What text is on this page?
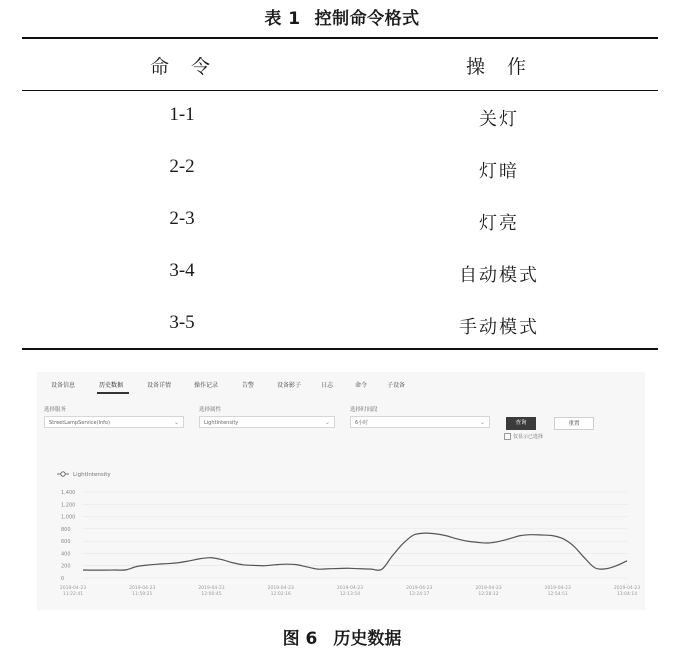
表 1 控制命令格式
命令	操作
1-1	关灯
2-2	灯暗
2-3	灯亮
3-4	自动模式
3-5	手动模式
设备信息	历史数据	设备详情	操作记录	告警	设备影子	日志	命令	子设备
选择服务
StreetLampService(Info)	⌄
选择属性
LightIntensity	⌄
选择时间段
6小时	⌄	查询	重置
仅显示已选择
0
200
400
600
800
1,000
1,200
1,400
2019-04-23
11:22:41
2019-04-23
11:59:21
2019-04-23
12:00:45
2019-04-23
12:02:16
2019-04-23
12:13:54
2019-04-23
12:24:17
2019-04-23
12:28:12
2019-04-23
12:54:51
2019-04-23
13:04:14
LightIntensity
图 6 历史数据
